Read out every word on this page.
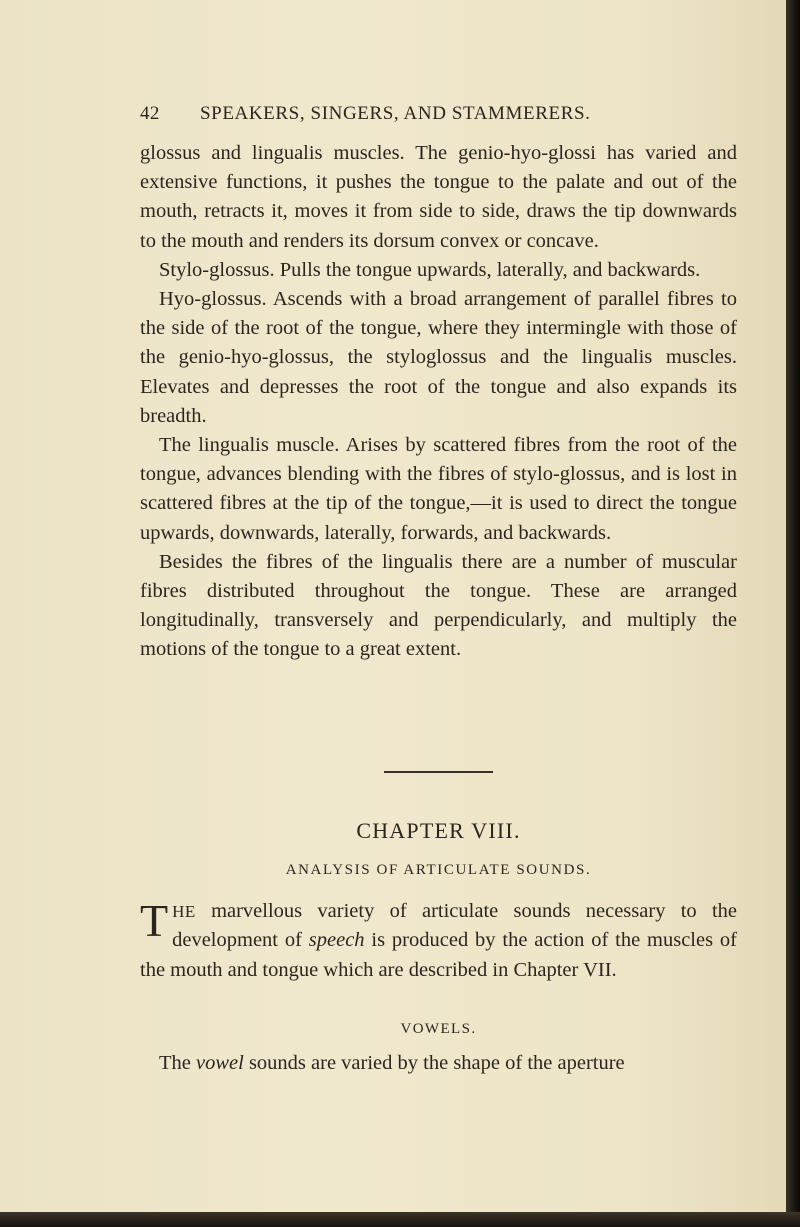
42 SPEAKERS, SINGERS, AND STAMMERERS.

glossus and lingualis muscles. The genio-hyo-glossi has varied and extensive functions, it pushes the tongue to the palate and out of the mouth, retracts it, moves it from side to side, draws the tip downwards to the mouth and renders its dorsum convex or concave.

Stylo-glossus. Pulls the tongue upwards, laterally, and backwards.

Hyo-glossus. Ascends with a broad arrangement of parallel fibres to the side of the root of the tongue, where they intermingle with those of the genio-hyo-glossus, the styloglossus and the lingualis muscles. Elevates and depresses the root of the tongue and also expands its breadth.

The lingualis muscle. Arises by scattered fibres from the root of the tongue, advances blending with the fibres of stylo-glossus, and is lost in scattered fibres at the tip of the tongue,—it is used to direct the tongue upwards, downwards, laterally, forwards, and backwards.

Besides the fibres of the lingualis there are a number of muscular fibres distributed throughout the tongue. These are arranged longitudinally, transversely and perpendicularly, and multiply the motions of the tongue to a great extent.

CHAPTER VIII.
ANALYSIS OF ARTICULATE SOUNDS.

THE marvellous variety of articulate sounds necessary to the development of speech is produced by the action of the muscles of the mouth and tongue which are described in Chapter VII.

VOWELS.
The vowel sounds are varied by the shape of the aperture
